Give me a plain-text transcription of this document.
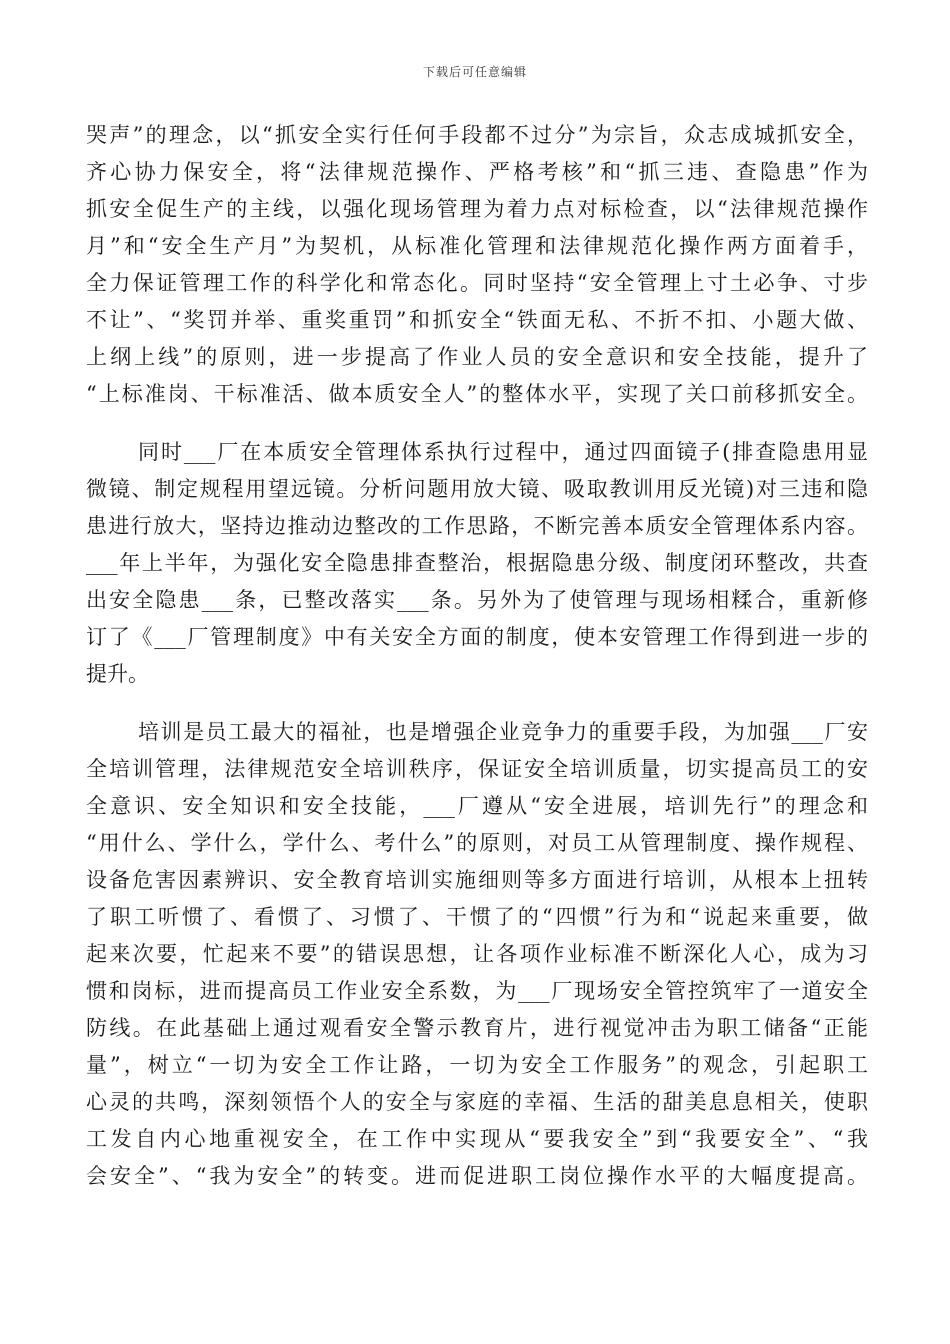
下载后可任意编辑
哭声”的理念，以“抓安全实行任何手段都不过分”为宗旨，众志成城抓安全，
齐心协力保安全，将“法律规范操作、严格考核”和“抓三违、查隐患”作为
抓安全促生产的主线，以强化现场管理为着力点对标检查，以“法律规范操作
月”和“安全生产月”为契机，从标准化管理和法律规范化操作两方面着手，
全力保证管理工作的科学化和常态化。同时坚持“安全管理上寸土必争、寸步
不让”、“奖罚并举、重奖重罚”和抓安全“铁面无私、不折不扣、小题大做、
上纲上线”的原则，进一步提高了作业人员的安全意识和安全技能，提升了
“上标准岗、干标准活、做本质安全人”的整体水平，实现了关口前移抓安全。
同时___厂在本质安全管理体系执行过程中，通过四面镜子(排查隐患用显
微镜、制定规程用望远镜。分析问题用放大镜、吸取教训用反光镜)对三违和隐
患进行放大，坚持边推动边整改的工作思路，不断完善本质安全管理体系内容。
___年上半年，为强化安全隐患排查整治，根据隐患分级、制度闭环整改，共查
出安全隐患___条，已整改落实___条。另外为了使管理与现场相糅合，重新修
订了《___厂管理制度》中有关安全方面的制度，使本安管理工作得到进一步的
提升。
培训是员工最大的福祉，也是增强企业竞争力的重要手段，为加强___厂安
全培训管理，法律规范安全培训秩序，保证安全培训质量，切实提高员工的安
全意识、安全知识和安全技能，___厂遵从“安全进展，培训先行”的理念和
“用什么、学什么，学什么、考什么”的原则，对员工从管理制度、操作规程、
设备危害因素辨识、安全教育培训实施细则等多方面进行培训，从根本上扭转
了职工听惯了、看惯了、习惯了、干惯了的“四惯”行为和“说起来重要，做
起来次要，忙起来不要”的错误思想，让各项作业标准不断深化人心，成为习
惯和岗标，进而提高员工作业安全系数，为___厂现场安全管控筑牢了一道安全
防线。在此基础上通过观看安全警示教育片，进行视觉冲击为职工储备“正能
量”，树立“一切为安全工作让路，一切为安全工作服务”的观念，引起职工
心灵的共鸣，深刻领悟个人的安全与家庭的幸福、生活的甜美息息相关，使职
工发自内心地重视安全，在工作中实现从“要我安全”到“我要安全”、“我
会安全”、“我为安全”的转变。进而促进职工岗位操作水平的大幅度提高。
